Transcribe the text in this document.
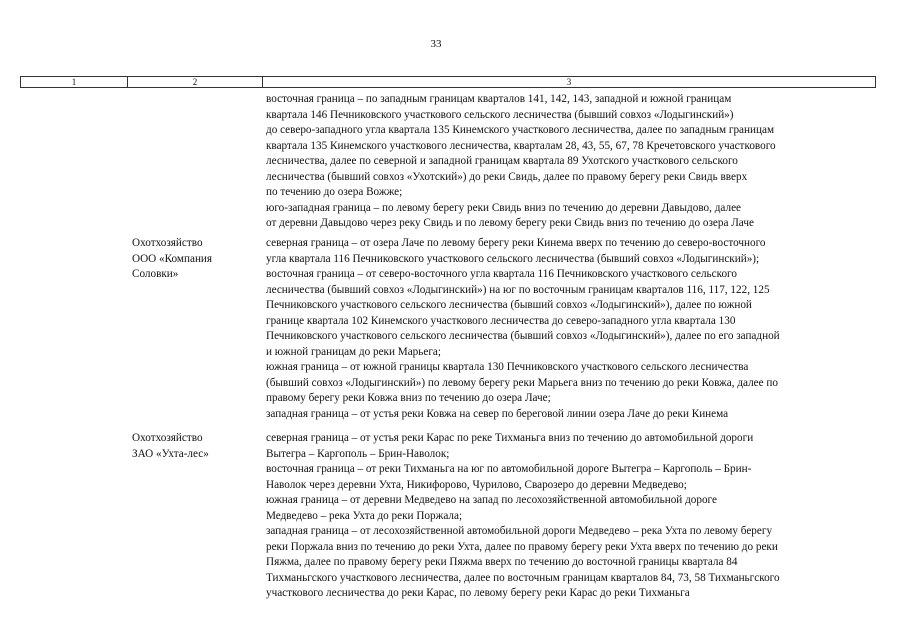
33
1	2	3
восточная граница – по западным границам кварталов 141, 142, 143, западной и южной границам
квартала 146 Печниковского участкового сельского лесничества (бывший совхоз «Лодыгинский»)
до северо-западного угла квартала 135 Кинемского участкового лесничества, далее по западным границам
квартала 135 Кинемского участкового лесничества, кварталам 28, 43, 55, 67, 78 Кречетовского участкового
лесничества, далее по северной и западной границам квартала 89 Ухотского участкового сельского
лесничества (бывший совхоз «Ухотский») до реки Свидь, далее по правому берегу реки Свидь вверх
по течению до озера Вожже;
юго-западная граница – по левому берегу реки Свидь вниз по течению до деревни Давыдово, далее
от деревни Давыдово через реку Свидь и по левому берегу реки Свидь вниз по течению до озера Лаче
Охотхозяйство
ООО «Компания
Соловки»
северная граница – от озера Лаче по левому берегу реки Кинема вверх по течению до северо-восточного
угла квартала 116 Печниковского участкового сельского лесничества (бывший совхоз «Лодыгинский»);
восточная граница – от северо-восточного угла квартала 116 Печниковского участкового сельского
лесничества (бывший совхоз «Лодыгинский») на юг по восточным границам кварталов 116, 117, 122, 125
Печниковского участкового сельского лесничества (бывший совхоз «Лодыгинский»), далее по южной
границе квартала 102 Кинемского участкового лесничества до северо-западного угла квартала 130
Печниковского участкового сельского лесничества (бывший совхоз «Лодыгинский»), далее по его западной
и южной границам до реки Марьега;
южная граница – от южной границы квартала 130 Печниковского участкового сельского лесничества
(бывший совхоз «Лодыгинский») по левому берегу реки Марьега вниз по течению до реки Ковжа, далее по
правому берегу реки Ковжа вниз по течению до озера Лаче;
западная граница – от устья реки Ковжа на север по береговой линии озера Лаче до реки Кинема
Охотхозяйство
ЗАО «Ухта-лес»
северная граница – от устья реки Карас по реке Тихманьга вниз по течению до автомобильной дороги
Вытегра – Каргополь – Брин-Наволок;
восточная граница – от реки Тихманьга на юг по автомобильной дороге Вытегра – Каргополь – Брин-
Наволок через деревни Ухта, Никифорово, Чурилово, Сварозеро до деревни Медведево;
южная граница – от деревни Медведево на запад по лесохозяйственной автомобильной дороге
Медведево – река Ухта до реки Поржала;
западная граница – от лесохозяйственной автомобильной дороги Медведево – река Ухта по левому берегу
реки Поржала вниз по течению до реки Ухта, далее по правому берегу реки Ухта вверх по течению до реки
Пяжма, далее по правому берегу реки Пяжма вверх по течению до восточной границы квартала 84
Тихманьгского участкового лесничества, далее по восточным границам кварталов 84, 73, 58 Тихманьгского
участкового лесничества до реки Карас, по левому берегу реки Карас до реки Тихманьга
